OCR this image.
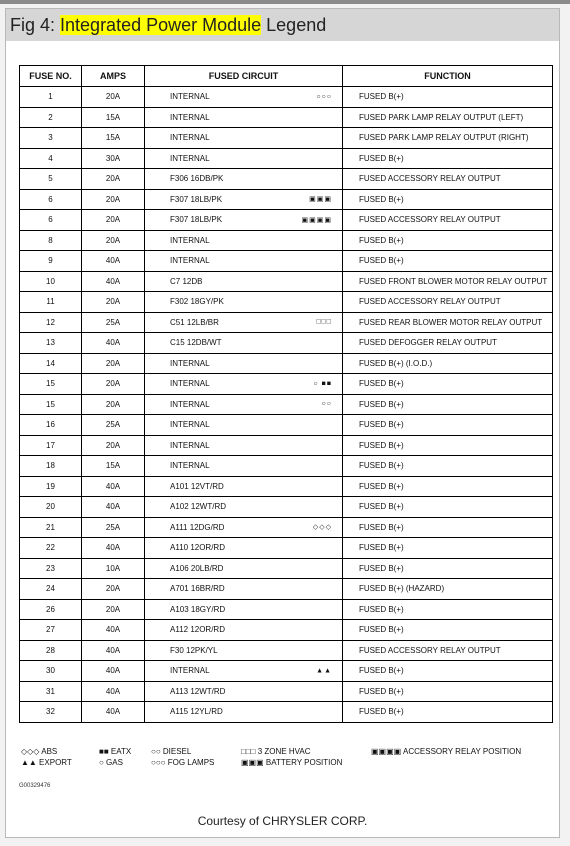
Fig 4: Integrated Power Module Legend
FUSE NO.	AMPS	FUSED CIRCUIT	FUNCTION
1	20A	INTERNAL ○○○	FUSED B(+)
2	15A	INTERNAL	FUSED PARK LAMP RELAY OUTPUT (LEFT)
3	15A	INTERNAL	FUSED PARK LAMP RELAY OUTPUT (RIGHT)
4	30A	INTERNAL	FUSED B(+)
5	20A	F306 16DB/PK	FUSED ACCESSORY RELAY OUTPUT
6	20A	F307 18LB/PK ▣▣▣	FUSED B(+)
6	20A	F307 18LB/PK ▣▣▣▣	FUSED ACCESSORY RELAY OUTPUT
8	20A	INTERNAL	FUSED B(+)
9	40A	INTERNAL	FUSED B(+)
10	40A	C7 12DB	FUSED FRONT BLOWER MOTOR RELAY OUTPUT
11	20A	F302 18GY/PK	FUSED ACCESSORY RELAY OUTPUT
12	25A	C51 12LB/BR □□□	FUSED REAR BLOWER MOTOR RELAY OUTPUT
13	40A	C15 12DB/WT	FUSED DEFOGGER RELAY OUTPUT
14	20A	INTERNAL	FUSED B(+) (I.O.D.)
15	20A	INTERNAL ○ ■■	FUSED B(+)
15	20A	INTERNAL ○○	FUSED B(+)
16	25A	INTERNAL	FUSED B(+)
17	20A	INTERNAL	FUSED B(+)
18	15A	INTERNAL	FUSED B(+)
19	40A	A101 12VT/RD	FUSED B(+)
20	40A	A102 12WT/RD	FUSED B(+)
21	25A	A111 12DG/RD ◇◇◇	FUSED B(+)
22	40A	A110 12OR/RD	FUSED B(+)
23	10A	A106 20LB/RD	FUSED B(+)
24	20A	A701 16BR/RD	FUSED B(+) (HAZARD)
26	20A	A103 18GY/RD	FUSED B(+)
27	40A	A112 12OR/RD	FUSED B(+)
28	40A	F30 12PK/YL	FUSED ACCESSORY RELAY OUTPUT
30	40A	INTERNAL ▲▲	FUSED B(+)
31	40A	A113 12WT/RD	FUSED B(+)
32	40A	A115 12YL/RD	FUSED B(+)
◇◇◇ ABS
▲▲ EXPORT
■■ EATX
○ GAS
○○ DIESEL
○○○ FOG LAMPS
□□□ 3 ZONE HVAC
▣▣▣ BATTERY POSITION
▣▣▣▣ ACCESSORY RELAY POSITION
G00329476
Courtesy of CHRYSLER CORP.
